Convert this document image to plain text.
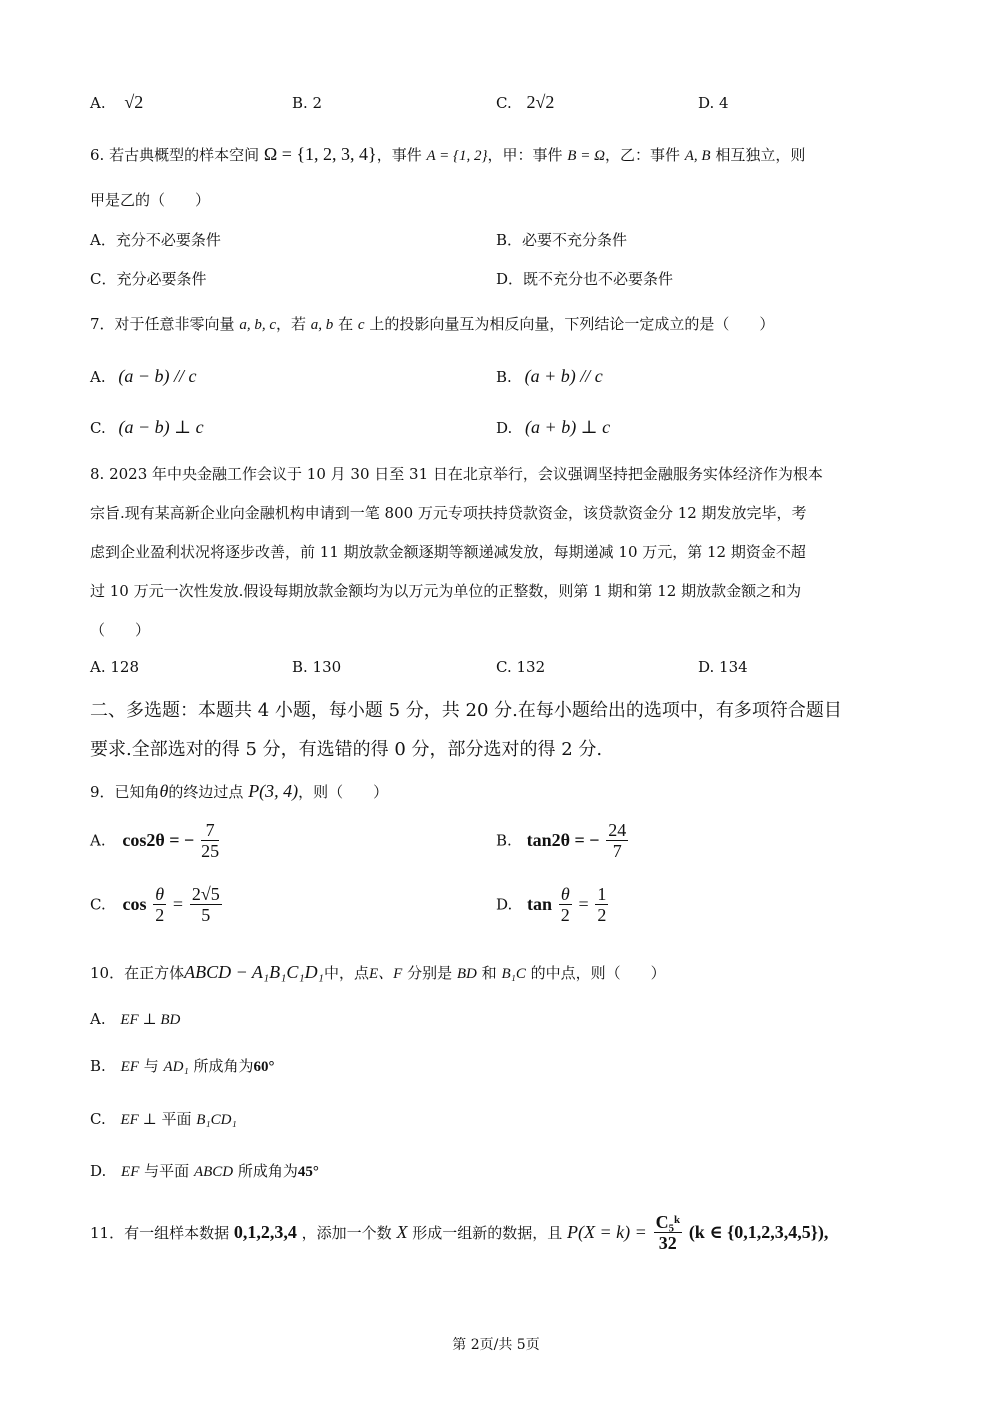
A. √2	B. 2	C. 2√2	D. 4
6. 若古典概型的样本空间 Ω = {1, 2, 3, 4}，事件 A = {1, 2}，甲：事件 B = Ω，乙：事件 A, B 相互独立，则
甲是乙的（　　）
A．充分不必要条件	B．必要不充分条件
C．充分必要条件	D．既不充分也不必要条件
7．对于任意非零向量 a, b, c，若 a, b 在 c 上的投影向量互为相反向量，下列结论一定成立的是（　　）
A. (a − b) // c	B. (a + b) // c
C. (a − b) ⊥ c	D. (a + b) ⊥ c
8. 2023 年中央金融工作会议于 10 月 30 日至 31 日在北京举行，会议强调坚持把金融服务实体经济作为根本
宗旨.现有某高新企业向金融机构申请到一笔 800 万元专项扶持贷款资金，该贷款资金分 12 期发放完毕，考
虑到企业盈利状况将逐步改善，前 11 期放款金额逐期等额递减发放，每期递减 10 万元，第 12 期资金不超
过 10 万元一次性发放.假设每期放款金额均为以万元为单位的正整数，则第 1 期和第 12 期放款金额之和为
（　　）
A. 128	B. 130	C. 132	D. 134
二、多选题：本题共 4 小题，每小题 5 分，共 20 分.在每小题给出的选项中，有多项符合题目
要求.全部选对的得 5 分，有选错的得 0 分，部分选对的得 2 分.
9．已知角θ的终边过点 P(3, 4)，则（　　）
A. cos2θ = − $\frac{7}{25}$	B. tan2θ = − $\frac{24}{7}$
C. $\cos \frac{\theta}{2} = \frac{2√5}{5}$	D. $\tan \frac{\theta}{2} = \frac{1}{2}$
10．在正方体ABCD − A₁B₁C₁D₁中，点E、F 分别是 BD 和 B₁C 的中点，则（　　）
A. EF ⊥ BD
B. EF 与 AD₁ 所成角为60°
C. EF ⊥ 平面 B₁CD₁
D. EF 与平面 ABCD 所成角为45°
11．有一组样本数据 0,1,2,3,4 ，添加一个数 X 形成一组新的数据，且 $P(X = k) = \frac{\text{C₅ᵏ}}{32} (k$ ∈ {0,1,2,3,4,5}),
第 2页/共 5页
